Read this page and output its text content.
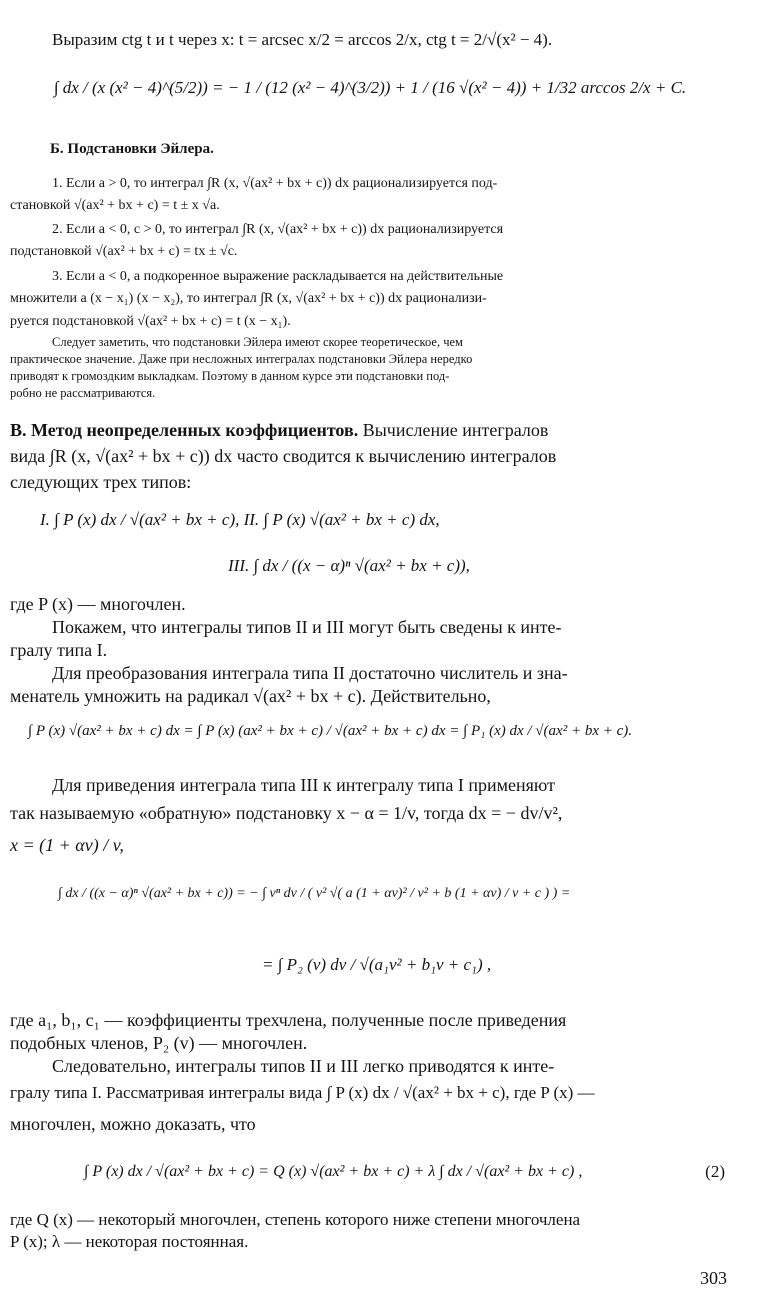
Выразим ctg t и t через x: t = arcsec x/2 = arccos 2/x, ctg t = 2/√(x² − 4).
∫ dx / (x (x² − 4)^(5/2)) = − 1 / (12 (x² − 4)^(3/2)) + 1 / (16 √(x² − 4)) + 1/32 arccos 2/x + C.
Б. Подстановки Эйлера.
1. Если a > 0, то интеграл ∫R (x, √(ax² + bx + c)) dx рационализируется под-
становкой √(ax² + bx + c) = t ± x √a.
2. Если a < 0, c > 0, то интеграл ∫R (x, √(ax² + bx + c)) dx рационализируется
подстановкой √(ax² + bx + c) = tx ± √c.
3. Если a < 0, а подкоренное выражение раскладывается на действительные
множители a (x − x₁) (x − x₂), то интеграл ∫R (x, √(ax² + bx + c)) dx рационализи-
руется подстановкой √(ax² + bx + c) = t (x − x₁).
Следует заметить, что подстановки Эйлера имеют скорее теоретическое, чем
практическое значение. Даже при несложных интегралах подстановки Эйлера нередко
приводят к громоздким выкладкам. Поэтому в данном курсе эти подстановки под-
робно не рассматриваются.
В. Метод неопределенных коэффициентов. Вычисление интегралов
вида ∫R (x, √(ax² + bx + c)) dx часто сводится к вычислению интегралов
следующих трех типов:
I. ∫ P (x) dx / √(ax² + bx + c), II. ∫ P (x) √(ax² + bx + c) dx,
III. ∫ dx / ((x − α)ⁿ √(ax² + bx + c)),
где P (x) — многочлен.
Покажем, что интегралы типов II и III могут быть сведены к инте-
гралу типа I.
Для преобразования интеграла типа II достаточно числитель и зна-
менатель умножить на радикал √(ax² + bx + c). Действительно,
∫ P (x) √(ax² + bx + c) dx = ∫ P (x) (ax² + bx + c) / √(ax² + bx + c) dx = ∫ P₁ (x) dx / √(ax² + bx + c).
Для приведения интеграла типа III к интегралу типа I применяют
так называемую «обратную» подстановку x − α = 1/v, тогда dx = − dv/v²,
x = (1 + αv) / v,
∫ dx / ((x − α)ⁿ √(ax² + bx + c)) = − ∫ vⁿ dv / ( v² √( a (1 + αv)² / v² + b (1 + αv) / v + c ) ) =
= ∫ P₂ (v) dv / √(a₁v² + b₁v + c₁) ,
где a₁, b₁, c₁ — коэффициенты трехчлена, полученные после приведения
подобных членов, P₂ (v) — многочлен.
Следовательно, интегралы типов II и III легко приводятся к инте-
гралу типа I. Рассматривая интегралы вида ∫ P (x) dx / √(ax² + bx + c), где P (x) —
многочлен, можно доказать, что
∫ P (x) dx / √(ax² + bx + c) = Q (x) √(ax² + bx + c) + λ ∫ dx / √(ax² + bx + c) ,	(2)
где Q (x) — некоторый многочлен, степень которого ниже степени многочлена
P (x); λ — некоторая постоянная.
303
